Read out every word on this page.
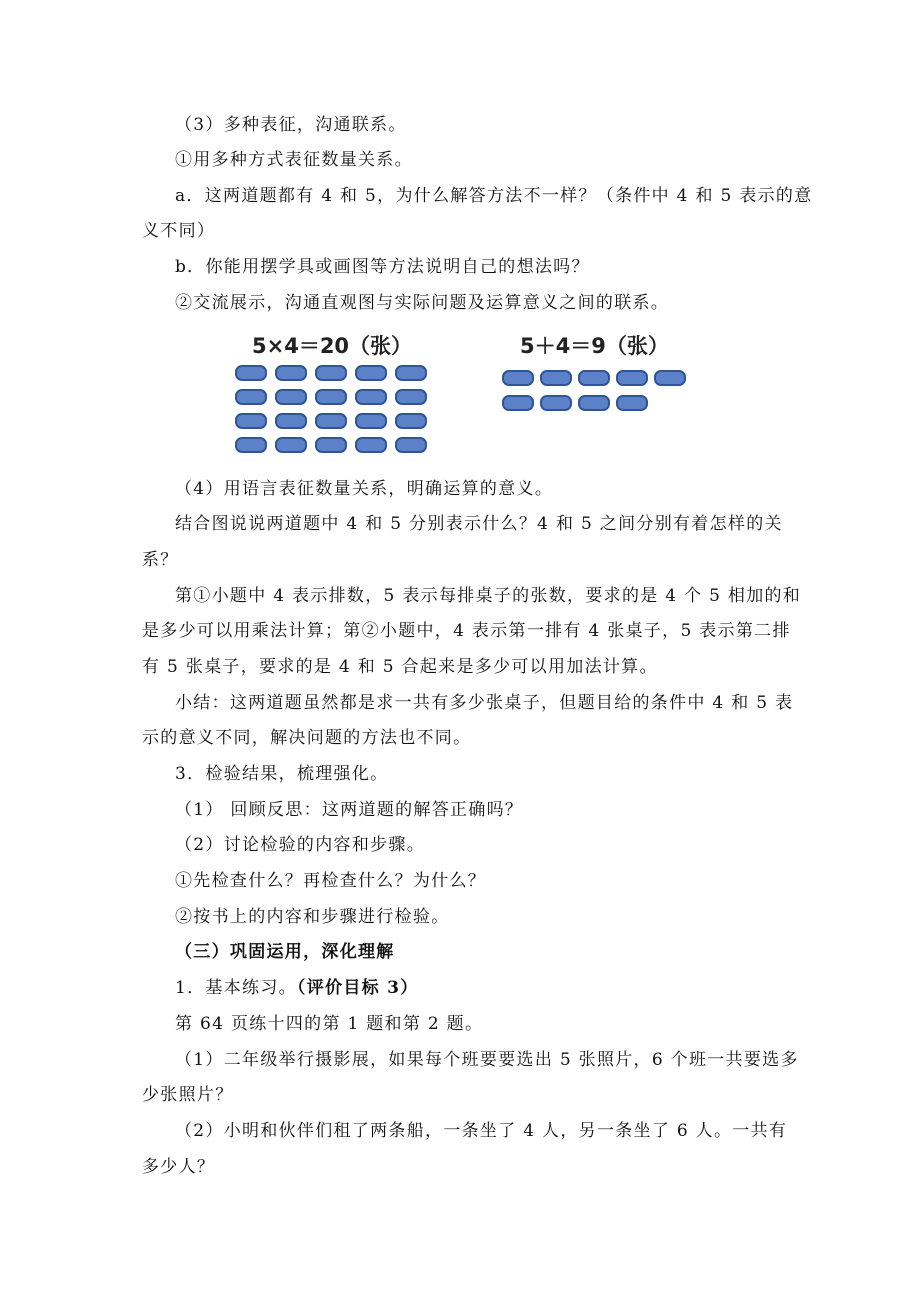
（3）多种表征，沟通联系。
①用多种方式表征数量关系。
a．这两道题都有 4 和 5，为什么解答方法不一样？（条件中 4 和 5 表示的意
义不同）
b．你能用摆学具或画图等方法说明自己的想法吗？
②交流展示，沟通直观图与实际问题及运算意义之间的联系。
5×4＝20（张）	5＋4＝9（张）
（4）用语言表征数量关系，明确运算的意义。
结合图说说两道题中 4 和 5 分别表示什么？4 和 5 之间分别有着怎样的关
系？
第①小题中 4 表示排数，5 表示每排桌子的张数，要求的是 4 个 5 相加的和
是多少可以用乘法计算；第②小题中，4 表示第一排有 4 张桌子，5 表示第二排
有 5 张桌子，要求的是 4 和 5 合起来是多少可以用加法计算。
小结：这两道题虽然都是求一共有多少张桌子，但题目给的条件中 4 和 5 表
示的意义不同，解决问题的方法也不同。
3．检验结果，梳理强化。
（1） 回顾反思：这两道题的解答正确吗？
（2）讨论检验的内容和步骤。
①先检查什么？再检查什么？为什么？
②按书上的内容和步骤进行检验。
（三）巩固运用，深化理解
1．基本练习。（评价目标 3）
第 64 页练十四的第 1 题和第 2 题。
（1）二年级举行摄影展，如果每个班要要选出 5 张照片，6 个班一共要选多
少张照片？
（2）小明和伙伴们租了两条船，一条坐了 4 人，另一条坐了 6 人。一共有
多少人？
